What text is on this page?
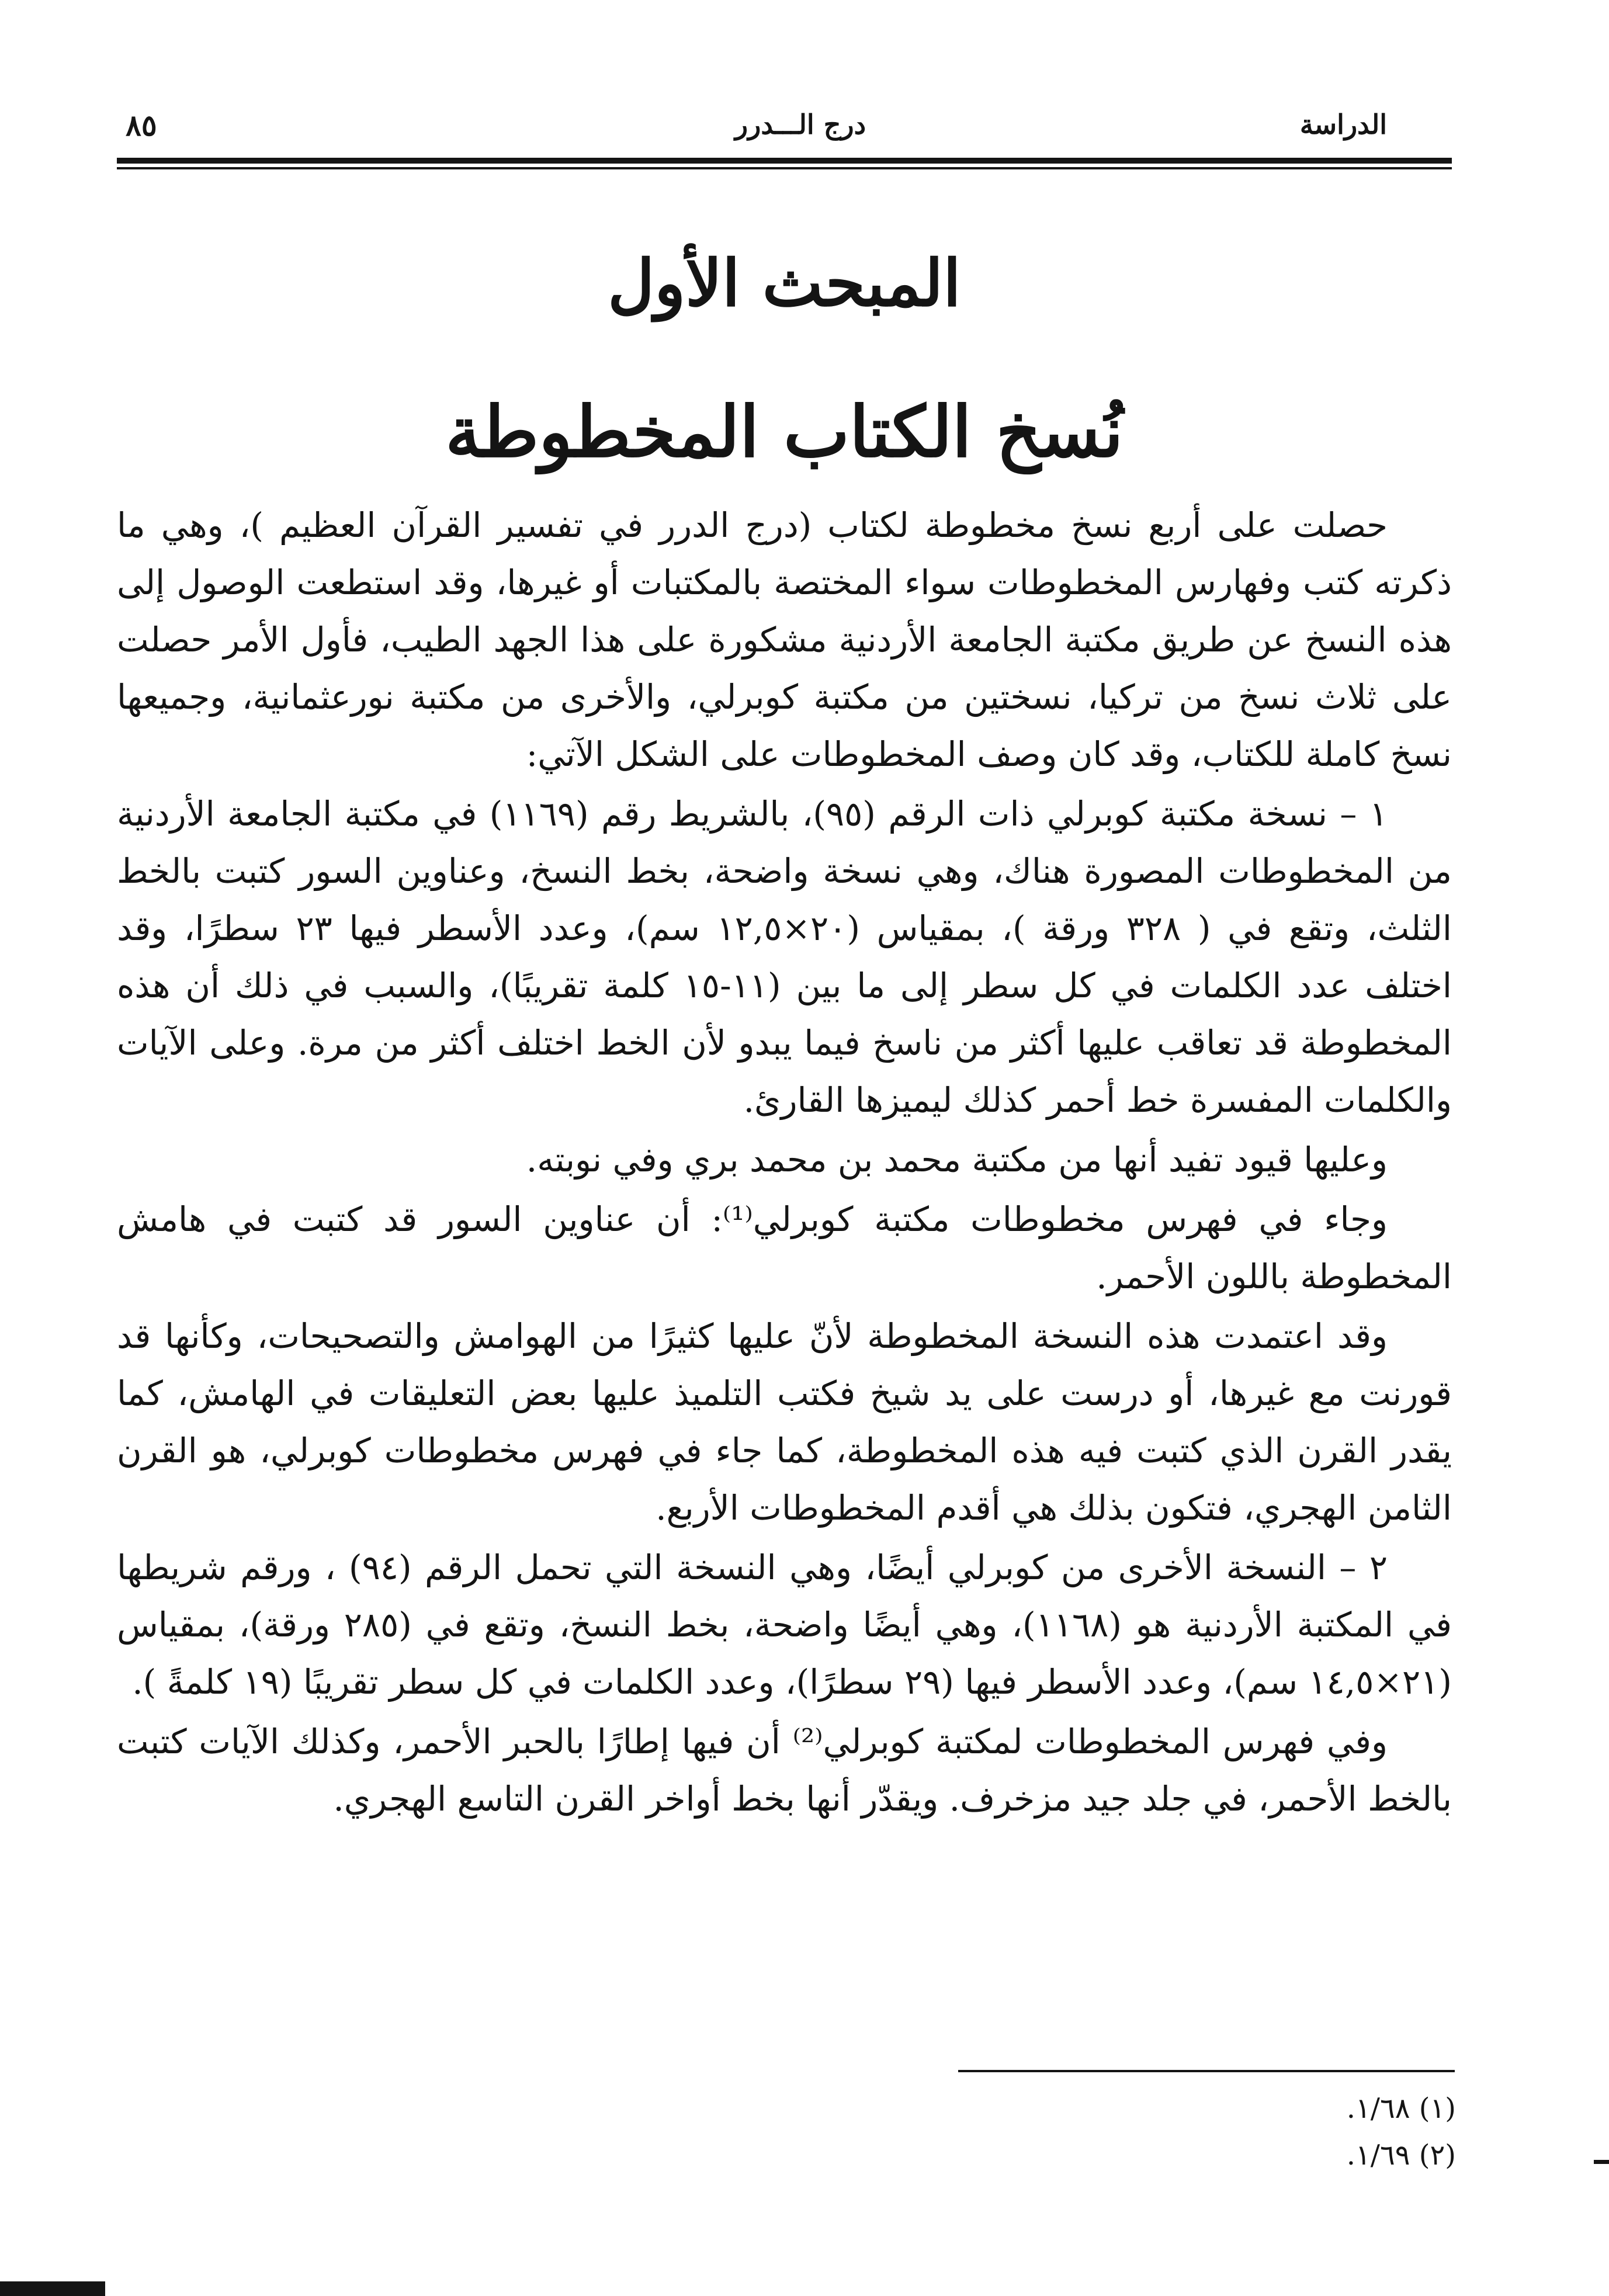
٨٥	درج الـــدرر	الدراسة
المبحث الأول
نُسخ الكتاب المخطوطة

حصلت على أربع نسخ مخطوطة لكتاب (درج الدرر في تفسير القرآن العظيم )، وهي ما ذكرته كتب وفهارس المخطوطات سواء المختصة بالمكتبات أو غيرها، وقد استطعت الوصول إلى هذه النسخ عن طريق مكتبة الجامعة الأردنية مشكورة على هذا الجهد الطيب، فأول الأمر حصلت على ثلاث نسخ من تركيا، نسختين من مكتبة كوبرلي، والأخرى من مكتبة نورعثمانية، وجميعها نسخ كاملة للكتاب، وقد كان وصف المخطوطات على الشكل الآتي:

١ – نسخة مكتبة كوبرلي ذات الرقم (٩٥)، بالشريط رقم (١١٦٩) في مكتبة الجامعة الأردنية من المخطوطات المصورة هناك، وهي نسخة واضحة، بخط النسخ، وعناوين السور كتبت بالخط الثلث، وتقع في ( ٣٢٨ ورقة )، بمقياس (٢٠×١٢,٥ سم)، وعدد الأسطر فيها ٢٣ سطرًا، وقد اختلف عدد الكلمات في كل سطر إلى ما بين (١١-١٥ كلمة تقريبًا)، والسبب في ذلك أن هذه المخطوطة قد تعاقب عليها أكثر من ناسخ فيما يبدو لأن الخط اختلف أكثر من مرة. وعلى الآيات والكلمات المفسرة خط أحمر كذلك ليميزها القارئ.

وعليها قيود تفيد أنها من مكتبة محمد بن محمد بري وفي نوبته.

وجاء في فهرس مخطوطات مكتبة كوبرلي⁽¹⁾: أن عناوين السور قد كتبت في هامش المخطوطة باللون الأحمر.

وقد اعتمدت هذه النسخة المخطوطة لأنّ عليها كثيرًا من الهوامش والتصحيحات، وكأنها قد قورنت مع غيرها، أو درست على يد شيخ فكتب التلميذ عليها بعض التعليقات في الهامش، كما يقدر القرن الذي كتبت فيه هذه المخطوطة، كما جاء في فهرس مخطوطات كوبرلي، هو القرن الثامن الهجري، فتكون بذلك هي أقدم المخطوطات الأربع.

٢ – النسخة الأخرى من كوبرلي أيضًا، وهي النسخة التي تحمل الرقم (٩٤) ، ورقم شريطها في المكتبة الأردنية هو (١١٦٨)، وهي أيضًا واضحة، بخط النسخ، وتقع في (٢٨٥ ورقة)، بمقياس (٢١×١٤,٥ سم)، وعدد الأسطر فيها (٢٩ سطرًا)، وعدد الكلمات في كل سطر تقريبًا (١٩ كلمةً ).

وفي فهرس المخطوطات لمكتبة كوبرلي⁽²⁾ أن فيها إطارًا بالحبر الأحمر، وكذلك الآيات كتبت بالخط الأحمر، في جلد جيد مزخرف. ويقدّر أنها بخط أواخر القرن التاسع الهجري.

(١) ١/٦٨.
(٢) ١/٦٩.
